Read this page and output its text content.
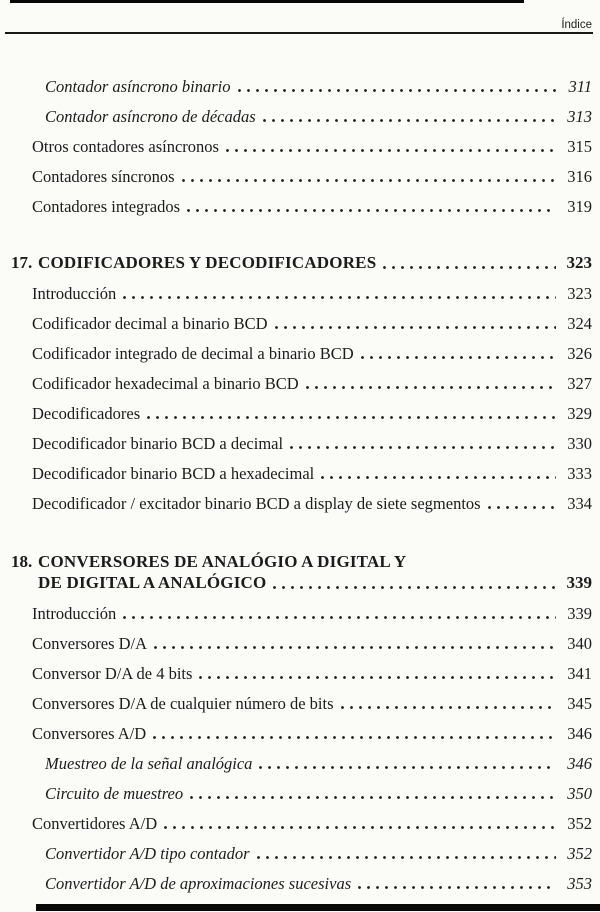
Índice
Contador asíncrono binario	311
Contador asíncrono de décadas	313
Otros contadores asíncronos	315
Contadores síncronos	316
Contadores integrados	319
17. CODIFICADORES Y DECODIFICADORES	323
Introducción	323
Codificador decimal a binario BCD	324
Codificador integrado de decimal a binario BCD	326
Codificador hexadecimal a binario BCD	327
Decodificadores	329
Decodificador binario BCD a decimal	330
Decodificador binario BCD a hexadecimal	333
Decodificador / excitador binario BCD a display de siete segmentos	334
18. CONVERSORES DE ANALÓGIO A DIGITAL Y
DE DIGITAL A ANALÓGICO	339
Introducción	339
Conversores D/A	340
Conversor D/A de 4 bits	341
Conversores D/A de cualquier número de bits	345
Conversores A/D	346
Muestreo de la señal analógica	346
Circuito de muestreo	350
Convertidores A/D	352
Convertidor A/D tipo contador	352
Convertidor A/D de aproximaciones sucesivas	353
